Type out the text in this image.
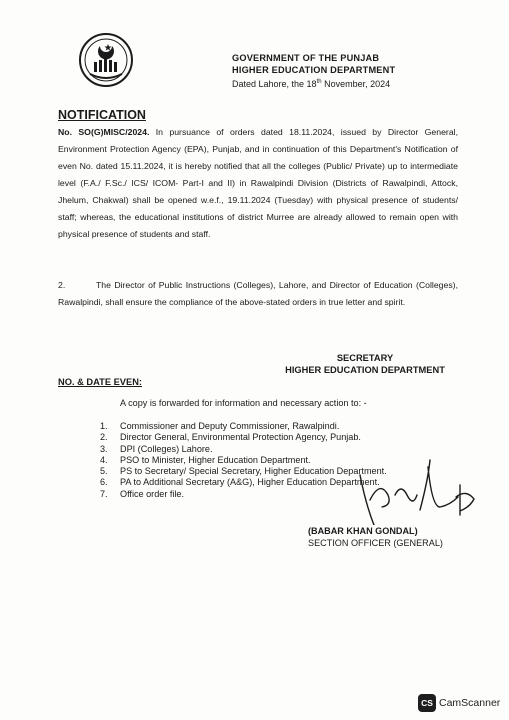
GOVERNMENT OF THE PUNJAB
HIGHER EDUCATION DEPARTMENT
Dated Lahore, the 18th November, 2024
NOTIFICATION
No. SO(G)MISC/2024. In pursuance of orders dated 18.11.2024, issued by Director General, Environment Protection Agency (EPA), Punjab, and in continuation of this Department's Notification of even No. dated 15.11.2024, it is hereby notified that all the colleges (Public/ Private) up to intermediate level (F.A./ F.Sc./ ICS/ ICOM- Part-I and II) in Rawalpindi Division (Districts of Rawalpindi, Attock, Jhelum, Chakwal) shall be opened w.e.f., 19.11.2024 (Tuesday) with physical presence of students/ staff; whereas, the educational institutions of district Murree are already allowed to remain open with physical presence of students and staff.
2.	The Director of Public Instructions (Colleges), Lahore, and Director of Education (Colleges), Rawalpindi, shall ensure the compliance of the above-stated orders in true letter and spirit.
SECRETARY
HIGHER EDUCATION DEPARTMENT
NO. & DATE EVEN:
A copy is forwarded for information and necessary action to: -
1.	Commissioner and Deputy Commissioner, Rawalpindi.
2.	Director General, Environmental Protection Agency, Punjab.
3.	DPI (Colleges) Lahore.
4.	PSO to Minister, Higher Education Department.
5.	PS to Secretary/ Special Secretary, Higher Education Department.
6.	PA to Additional Secretary (A&G), Higher Education Department.
7.	Office order file.
(BABAR KHAN GONDAL)
SECTION OFFICER (GENERAL)
CS CamScanner
